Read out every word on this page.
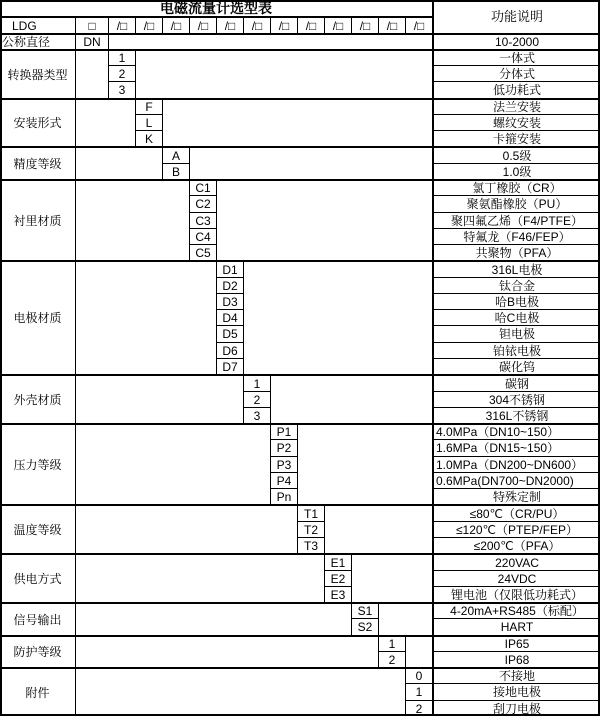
电磁流量计选型表
功能说明
LDG	□	/□	/□	/□	/□	/□	/□	/□	/□	/□	/□	/□	/□
公称直径	DN	10-2000
转换器类型
1	一体式
2	分体式
3	低功耗式
安装形式
F	法兰安装
L	螺纹安装
K	卡箍安装
精度等级
A	0.5级
B	1.0级
衬里材质
C1	氯丁橡胶（CR）
C2	聚氨酯橡胶（PU）
C3	聚四氟乙烯（F4/PTFE）
C4	特氟龙（F46/FEP）
C5	共聚物（PFA）
电极材质
D1	316L电极
D2	钛合金
D3	哈B电极
D4	哈C电极
D5	钽电极
D6	铂铱电极
D7	碳化钨
外壳材质
1	碳钢
2	304不锈钢
3	316L不锈钢
压力等级
P1	4.0MPa（DN10~150）
P2	1.6MPa（DN15~150）
P3	1.0MPa（DN200~DN600）
P4	0.6MPa(DN700~DN2000)
Pn	特殊定制
温度等级
T1	≤80℃（CR/PU）
T2	≤120℃（PTEP/FEP）
T3	≤200℃（PFA）
供电方式
E1	220VAC
E2	24VDC
E3	锂电池（仅限低功耗式）
信号输出
S1	4-20mA+RS485（标配）
S2	HART
防护等级
1	IP65
2	IP68
附件
0	不接地
1	接地电极
2	刮刀电极
